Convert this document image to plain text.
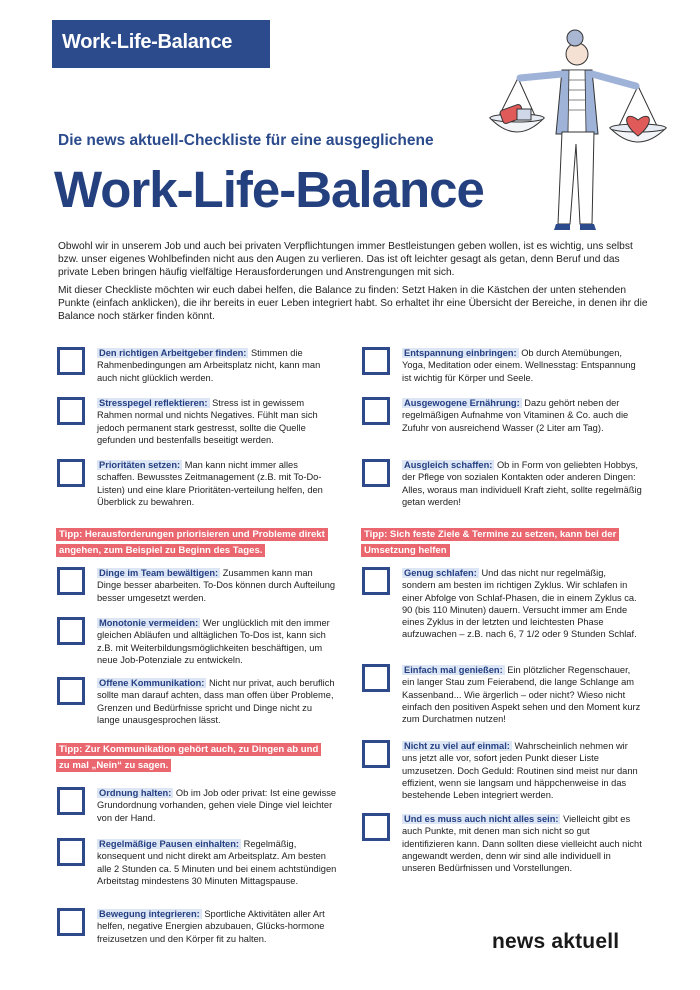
Work-Life-Balance
Die news aktuell-Checkliste für eine ausgeglichene
Work-Life-Balance
Obwohl wir in unserem Job und auch bei privaten Verpflichtungen immer Bestleistungen geben wollen, ist es wichtig, uns selbst bzw. unser eigenes Wohlbefinden nicht aus den Augen zu verlieren. Das ist oft leichter gesagt als getan, denn Beruf und das private Leben bringen häufig vielfältige Herausforderungen und Anstrengungen mit sich.
Mit dieser Checkliste möchten wir euch dabei helfen, die Balance zu finden: Setzt Haken in die Kästchen der unten stehenden Punkte (einfach anklicken), die ihr bereits in euer Leben integriert habt. So erhaltet ihr eine Übersicht der Bereiche, in denen ihr die Balance noch stärker finden könnt.
Den richtigen Arbeitgeber finden: Stimmen die Rahmenbedingungen am Arbeitsplatz nicht, kann man auch nicht glücklich werden.
Stresspegel reflektieren: Stress ist in gewissem Rahmen normal und nichts Negatives. Fühlt man sich jedoch permanent stark gestresst, sollte die Quelle gefunden und bestenfalls beseitigt werden.
Prioritäten setzen: Man kann nicht immer alles schaffen. Bewusstes Zeitmanagement (z.B. mit To-Do-Listen) und eine klare Prioritäten-verteilung helfen, den Überblick zu bewahren.
Tipp: Herausforderungen priorisieren und Probleme direkt angehen, zum Beispiel zu Beginn des Tages.
Dinge im Team bewältigen: Zusammen kann man Dinge besser abarbeiten. To-Dos können durch Aufteilung besser umgesetzt werden.
Monotonie vermeiden: Wer unglücklich mit den immer gleichen Abläufen und alltäglichen To-Dos ist, kann sich z.B. mit Weiterbildungsmöglichkeiten beschäftigen, um neue Job-Potenziale zu entwickeln.
Offene Kommunikation: Nicht nur privat, auch beruflich sollte man darauf achten, dass man offen über Probleme, Grenzen und Bedürfnisse spricht und Dinge nicht zu lange unausgesprochen lässt.
Tipp: Zur Kommunikation gehört auch, zu Dingen ab und zu mal „Nein“ zu sagen.
Ordnung halten: Ob im Job oder privat: Ist eine gewisse Grundordnung vorhanden, gehen viele Dinge viel leichter von der Hand.
Regelmäßige Pausen einhalten: Regelmäßig, konsequent und nicht direkt am Arbeitsplatz. Am besten alle 2 Stunden ca. 5 Minuten und bei einem achtstündigen Arbeitstag mindestens 30 Minuten Mittagspause.
Bewegung integrieren: Sportliche Aktivitäten aller Art helfen, negative Energien abzubauen, Glücks-hormone freizusetzen und den Körper fit zu halten.
Entspannung einbringen: Ob durch Atemübungen, Yoga, Meditation oder einem. Wellnesstag: Entspannung ist wichtig für Körper und Seele.
Ausgewogene Ernährung: Dazu gehört neben der regelmäßigen Aufnahme von Vitaminen & Co. auch die Zufuhr von ausreichend Wasser (2 Liter am Tag).
Ausgleich schaffen: Ob in Form von geliebten Hobbys, der Pflege von sozialen Kontakten oder anderen Dingen: Alles, woraus man individuell Kraft zieht, sollte regelmäßig getan werden!
Tipp: Sich feste Ziele & Termine zu setzen, kann bei der Umsetzung helfen
Genug schlafen: Und das nicht nur regelmäßig, sondern am besten im richtigen Zyklus. Wir schlafen in einer Abfolge von Schlaf-Phasen, die in einem Zyklus ca. 90 (bis 110 Minuten) dauern. Versucht immer am Ende eines Zyklus in der letzten und leichtesten Phase aufzuwachen – z.B. nach 6, 7 1/2 oder 9 Stunden Schlaf.
Einfach mal genießen: Ein plötzlicher Regenschauer, ein langer Stau zum Feierabend, die lange Schlange am Kassenband... Wie ärgerlich – oder nicht? Wieso nicht einfach den positiven Aspekt sehen und den Moment kurz zum Durchatmen nutzen!
Nicht zu viel auf einmal: Wahrscheinlich nehmen wir uns jetzt alle vor, sofort jeden Punkt dieser Liste umzusetzen. Doch Geduld: Routinen sind meist nur dann effizient, wenn sie langsam und häppchenweise in das bestehende Leben integriert werden.
Und es muss auch nicht alles sein: Vielleicht gibt es auch Punkte, mit denen man sich nicht so gut identifizieren kann. Dann sollten diese vielleicht auch nicht angewandt werden, denn wir sind alle individuell in unseren Bedürfnissen und Vorstellungen.
news aktuell
